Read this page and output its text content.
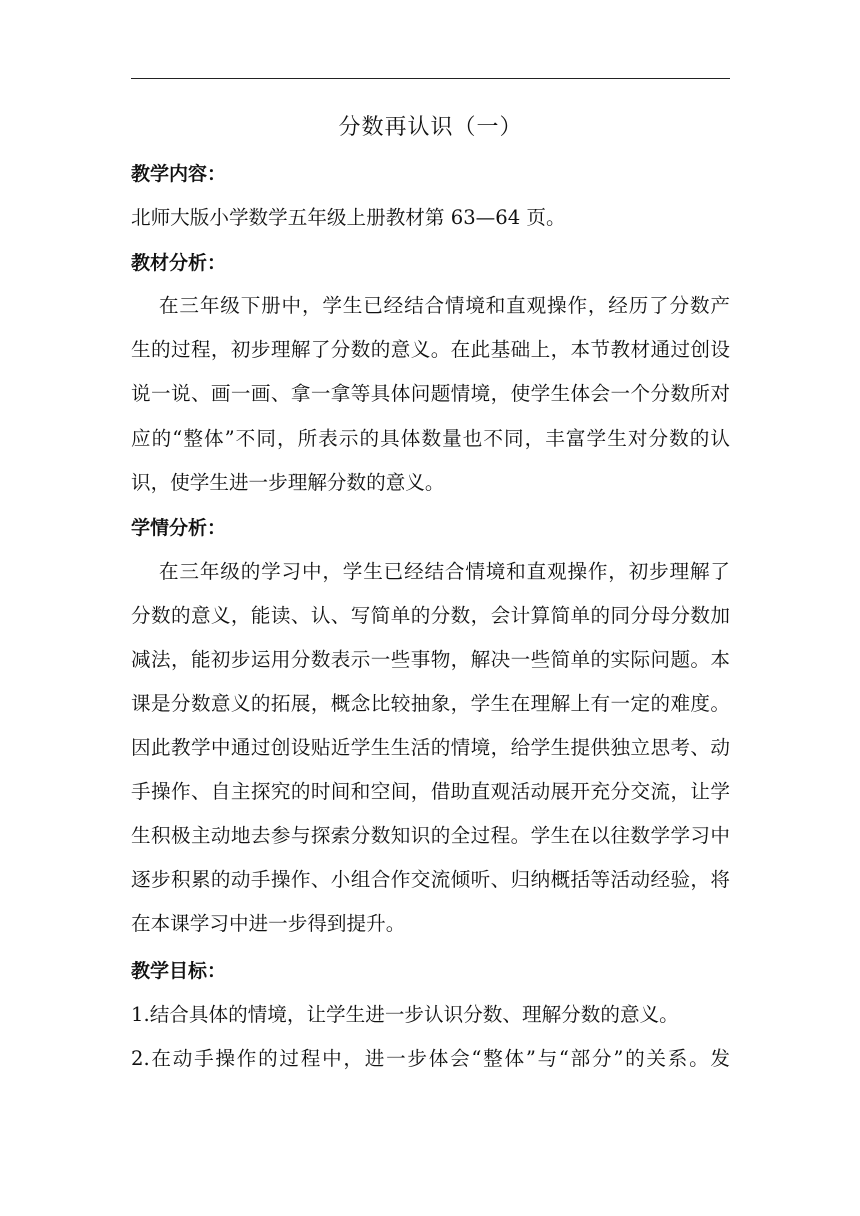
分数再认识（一）
教学内容：
北师大版小学数学五年级上册教材第 63—64 页。
教材分析：
在三年级下册中，学生已经结合情境和直观操作，经历了分数产
生的过程，初步理解了分数的意义。在此基础上，本节教材通过创设
说一说、画一画、拿一拿等具体问题情境，使学生体会一个分数所对
应的“整体”不同，所表示的具体数量也不同，丰富学生对分数的认
识，使学生进一步理解分数的意义。
学情分析：
在三年级的学习中，学生已经结合情境和直观操作，初步理解了
分数的意义，能读、认、写简单的分数，会计算简单的同分母分数加
减法，能初步运用分数表示一些事物，解决一些简单的实际问题。本
课是分数意义的拓展，概念比较抽象，学生在理解上有一定的难度。
因此教学中通过创设贴近学生生活的情境，给学生提供独立思考、动
手操作、自主探究的时间和空间，借助直观活动展开充分交流，让学
生积极主动地去参与探索分数知识的全过程。学生在以往数学学习中
逐步积累的动手操作、小组合作交流倾听、归纳概括等活动经验，将
在本课学习中进一步得到提升。
教学目标：
1.结合具体的情境，让学生进一步认识分数、理解分数的意义。
2.在动手操作的过程中，进一步体会“整体”与“部分”的关系。发
